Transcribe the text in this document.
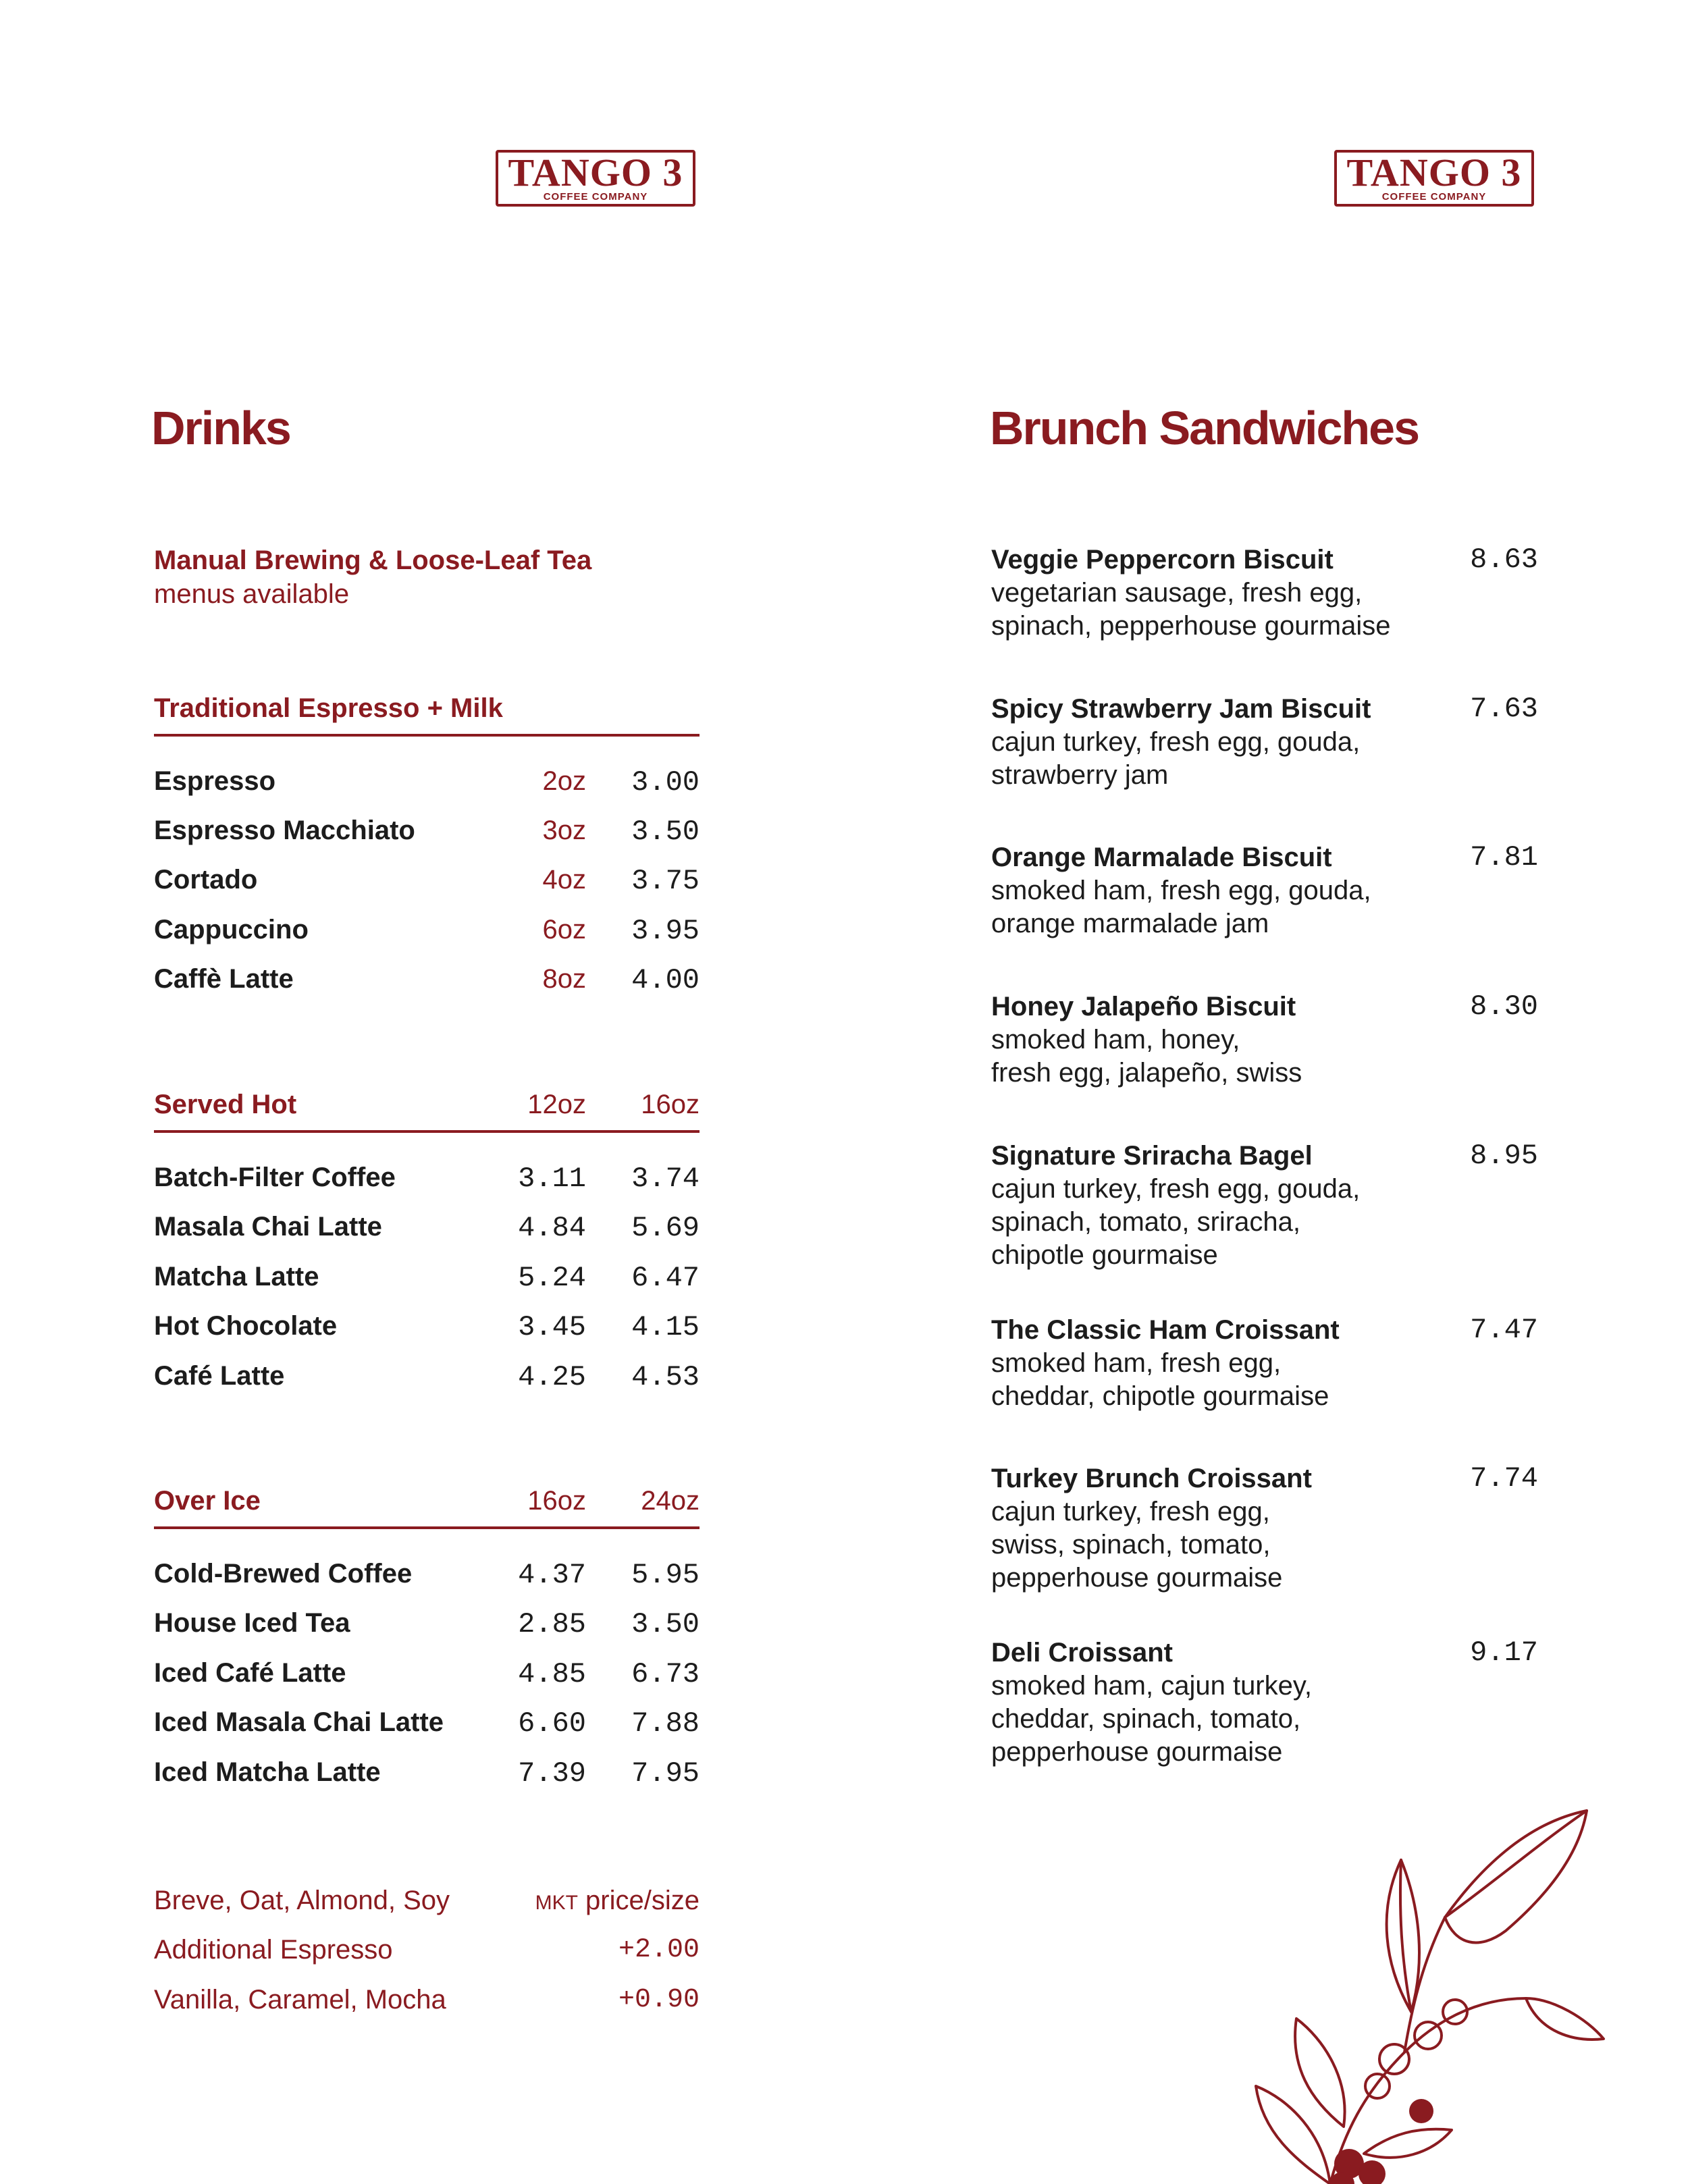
TANGO 3
COFFEE COMPANY
TANGO 3
COFFEE COMPANY
Drinks
Manual Brewing & Loose-Leaf Tea
menus available
Traditional Espresso + Milk
Espresso	2oz 3.00
Espresso Macchiato	3oz 3.50
Cortado	4oz 3.75
Cappuccino	6oz 3.95
Caffè Latte	8oz 4.00
Served Hot	12oz 16oz
Batch-Filter Coffee	3.11 3.74
Masala Chai Latte	4.84 5.69
Matcha Latte	5.24 6.47
Hot Chocolate	3.45 4.15
Café Latte	4.25 4.53
Over Ice	16oz 24oz
Cold-Brewed Coffee	4.37 5.95
House Iced Tea	2.85 3.50
Iced Café Latte	4.85 6.73
Iced Masala Chai Latte	6.60 7.88
Iced Matcha Latte	7.39 7.95
Breve, Oat, Almond, Soy	MKT price/size
Additional Espresso	+2.00
Vanilla, Caramel, Mocha	+0.90
Brunch Sandwiches
Veggie Peppercorn Biscuit
vegetarian sausage, fresh egg,
spinach, pepperhouse gourmaise
8.63
Spicy Strawberry Jam Biscuit
cajun turkey, fresh egg, gouda,
strawberry jam
7.63
Orange Marmalade Biscuit
smoked ham, fresh egg, gouda,
orange marmalade jam
7.81
Honey Jalapeño Biscuit
smoked ham, honey,
fresh egg, jalapeño, swiss
8.30
Signature Sriracha Bagel
cajun turkey, fresh egg, gouda,
spinach, tomato, sriracha,
chipotle gourmaise
8.95
The Classic Ham Croissant
smoked ham, fresh egg,
cheddar, chipotle gourmaise
7.47
Turkey Brunch Croissant
cajun turkey, fresh egg,
swiss, spinach, tomato,
pepperhouse gourmaise
7.74
Deli Croissant
smoked ham, cajun turkey,
cheddar, spinach, tomato,
pepperhouse gourmaise
9.17
